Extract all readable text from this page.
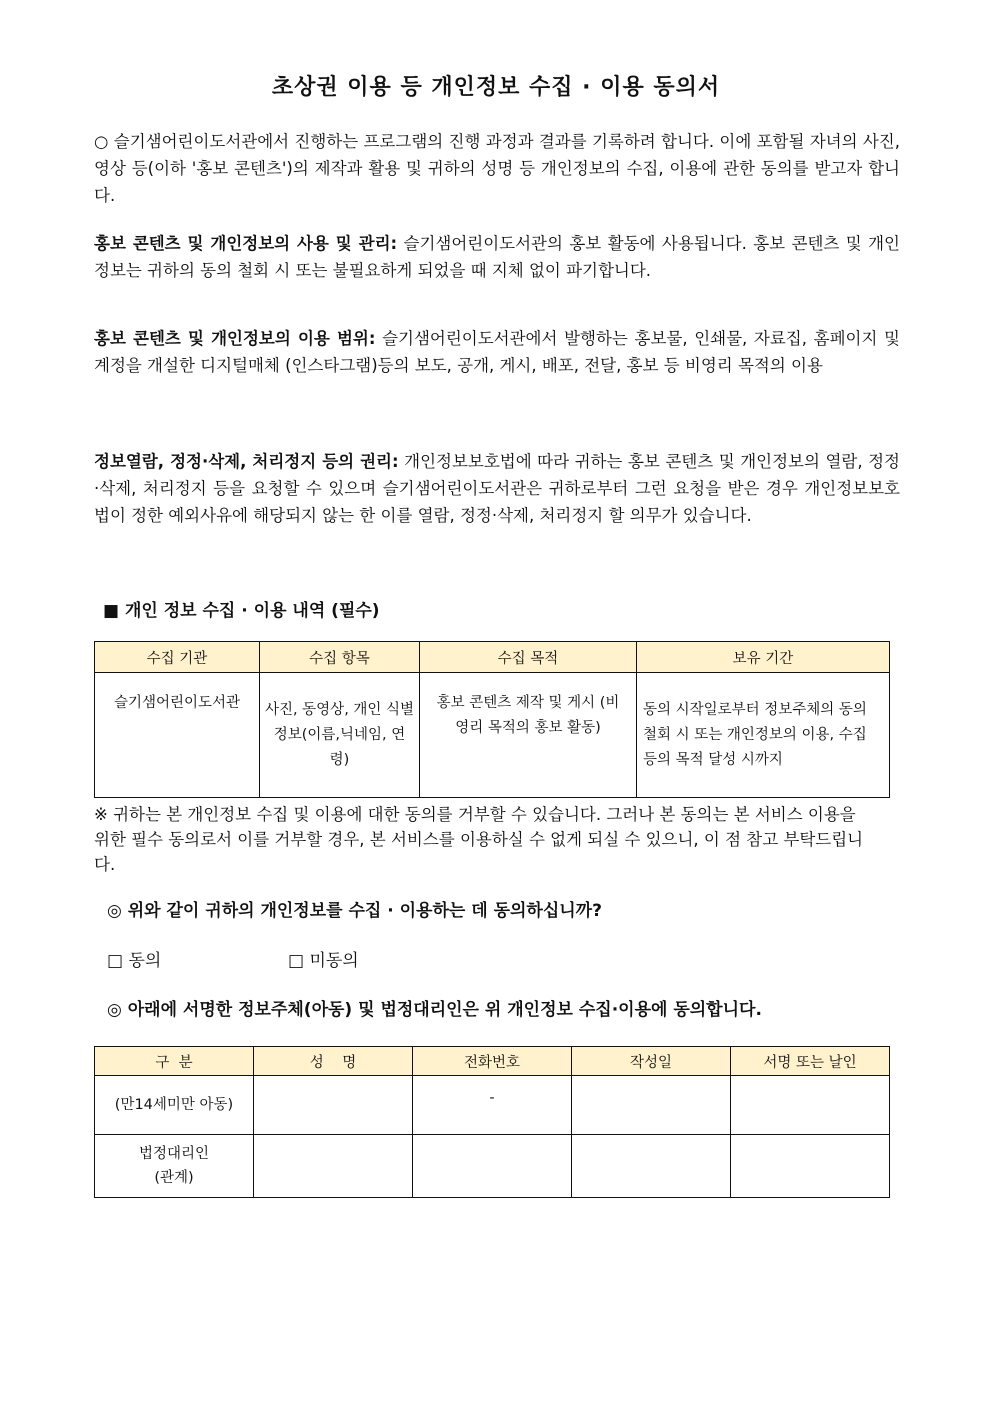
초상권 이용 등 개인정보 수집 · 이용 동의서
○ 슬기샘어린이도서관에서 진행하는 프로그램의 진행 과정과 결과를 기록하려 합니다. 이에 포함될 자녀의 사진, 영상 등(이하 '홍보 콘텐츠')의 제작과 활용 및 귀하의 성명 등 개인정보의 수집, 이용에 관한 동의를 받고자 합니다.
홍보 콘텐츠 및 개인정보의 사용 및 관리: 슬기샘어린이도서관의 홍보 활동에 사용됩니다. 홍보 콘텐츠 및 개인 정보는 귀하의 동의 철회 시 또는 불필요하게 되었을 때 지체 없이 파기합니다.
홍보 콘텐츠 및 개인정보의 이용 범위: 슬기샘어린이도서관에서 발행하는 홍보물, 인쇄물, 자료집, 홈페이지 및 계정을 개설한 디지털매체 (인스타그램)등의 보도, 공개, 게시, 배포, 전달, 홍보 등 비영리 목적의 이용
정보열람, 정정·삭제, 처리정지 등의 권리: 개인정보보호법에 따라 귀하는 홍보 콘텐츠 및 개인정보의 열람, 정정·삭제, 처리정지 등을 요청할 수 있으며 슬기샘어린이도서관은 귀하로부터 그런 요청을 받은 경우 개인정보보호법이 정한 예외사유에 해당되지 않는 한 이를 열람, 정정·삭제, 처리정지 할 의무가 있습니다.
■ 개인 정보 수집 · 이용 내역 (필수)
수집 기관	수집 항목	수집 목적	보유 기간
슬기샘어린이도서관	사진, 동영상, 개인 식별정보(이름,닉네임, 연령)	홍보 콘텐츠 제작 및 게시 (비영리 목적의 홍보 활동)	동의 시작일로부터 정보주체의 동의 철회 시 또는 개인정보의 이용, 수집 등의 목적 달성 시까지
※ 귀하는 본 개인정보 수집 및 이용에 대한 동의를 거부할 수 있습니다. 그러나 본 동의는 본 서비스 이용을 위한 필수 동의로서 이를 거부할 경우, 본 서비스를 이용하실 수 없게 되실 수 있으니, 이 점 참고 부탁드립니다.
◎ 위와 같이 귀하의 개인정보를 수집 · 이용하는 데 동의하십니까?
□ 동의	□ 미동의
◎ 아래에 서명한 정보주체(아동) 및 법정대리인은 위 개인정보 수집·이용에 동의합니다.
구  분	성    명	전화번호	작성일	서명 또는 날인
(만14세미만 아동)		-		

법정대리인
(관계)				
